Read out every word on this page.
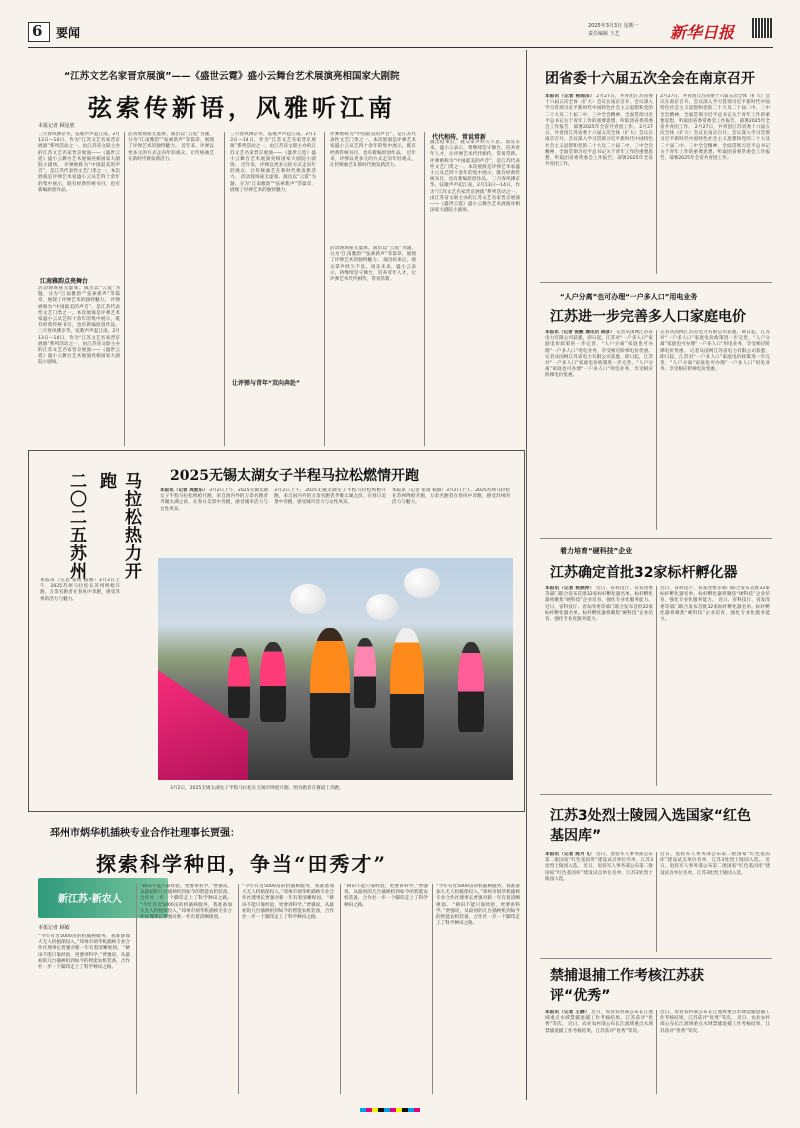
6 要闻	2025年3月3日 星期一
责任编辑 王艺	新华日报
“江苏文艺名家晋京展演”——《盛世云霓》盛小云舞台艺术展演亮相国家大剧院
弦索传新语，风雅听江南
本报记者 顾星欣
三月春风拂京华，弦歌声声起江南。2月13日—14日，作为“江苏文艺名家晋京展演”系列活动之一，由江苏省文联主办的江苏文艺名家晋京展演——《盛世云霓》盛小云舞台艺术展演亮相国家大剧院小剧场。 评弹被称为“中国最美的声音”，是江苏代表性文艺门类之一。本次展演是评弹艺术家盛小云从艺四十余年的集中展示，既有经典传统书目，也有新编原创作品。
江南雅韵点亮舞台
活动现场座无虚席。演出以“云霓”为题，分为“江南雅韵”“弦索新声”等篇章，展现了评弹艺术的独特魅力。 评弹被称为“中国最美的声音”，是江苏代表性文艺门类之一。本次展演是评弹艺术家盛小云从艺四十余年的集中展示，既有经典传统书目，也有新编原创作品。 三月春风拂京华，弦歌声声起江南。2月13日—14日，作为“江苏文艺名家晋京展演”系列活动之一，由江苏省文联主办的江苏文艺名家晋京展演——《盛世云霓》盛小云舞台艺术展演亮相国家大剧院小剧场。
活动现场座无虚席。演出以“云霓”为题，分为“江南雅韵”“弦索新声”等篇章，展现了评弹艺术的独特魅力。 近年来，评弹以更多元的方式走向年轻观众，让传统曲艺在新时代焕发新活力。
三月春风拂京华，弦歌声声起江南。2月13日—14日，作为“江苏文艺名家晋京展演”系列活动之一，由江苏省文联主办的江苏文艺名家晋京展演——《盛世云霓》盛小云舞台艺术展演亮相国家大剧院小剧场。 近年来，评弹以更多元的方式走向年轻观众，让传统曲艺在新时代焕发新活力。 活动现场座无虚席。演出以“云霓”为题，分为“江南雅韵”“弦索新声”等篇章，展现了评弹艺术的独特魅力。
让评弹与青年“双向奔赴”
评弹被称为“中国最美的声音”，是江苏代表性文艺门类之一。本次展演是评弹艺术家盛小云从艺四十余年的集中展示，既有经典传统书目，也有新编原创作品。 近年来，评弹以更多元的方式走向年轻观众，让传统曲艺在新时代焕发新活力。
活动现场座无虚席。演出以“云霓”为题，分为“江南雅韵”“弦索新声”等篇章，展现了评弹艺术的独特魅力。 演出结束后，观众掌声经久不息。谈及未来，盛小云表示，将继续坚守舞台，培养青年人才，让评弹艺术代代相传、常说常新。
代代相传，常说常新
演出结束后，观众掌声经久不息。谈及未来，盛小云表示，将继续坚守舞台，培养青年人才，让评弹艺术代代相传、常说常新。 评弹被称为“中国最美的声音”，是江苏代表性文艺门类之一。本次展演是评弹艺术家盛小云从艺四十余年的集中展示，既有经典传统书目，也有新编原创作品。 三月春风拂京华，弦歌声声起江南。2月13日—14日，作为“江苏文艺名家晋京展演”系列活动之一，由江苏省文联主办的江苏文艺名家晋京展演——《盛世云霓》盛小云舞台艺术展演亮相国家大剧院小剧场。
马拉松热力开跑
二〇二五苏州
本报讯（记者 张琦 嵇薇）3月2日上午，2025苏州马拉松在苏州鸣枪开跑，万余名跑者在春风中奔跑，感受苏州的活力与魅力。
2025无锡太湖女子半程马拉松燃情开跑
本报讯（记者 周爱东） 3月2日上午，2025无锡太湖女子半程马拉松鸣枪开跑，来自国内外的万余名跑者齐聚太湖之滨，在春日美景中奔跑，感受城市活力与女性风采。
3月2日上午，2025无锡太湖女子半程马拉松鸣枪开跑，来自国内外的万余名跑者齐聚太湖之滨，在春日美景中奔跑，感受城市活力与女性风采。
本报讯（记者 张琦 嵇薇）3月2日上午，2025苏州马拉松在苏州鸣枪开跑，万余名跑者在春风中奔跑，感受苏州的活力与魅力。
3月2日，2025无锡太湖女子半程马拉松在无锡市鸣枪开跑。图为跑者在赛道上奔跑。
邳州市炳华机插秧专业合作社理事长贾强：
探索科学种田，争当“田秀才”
新江苏·新农人
本报记者 顾敏
“今年有近5000亩的机插秧服务，我准备加大无人机植保投入。”邳州市炳华机插秧专业合作社理事长贾强对新一年有着清晰规划。 “耕田不能只靠经验，更要讲科学。”贾强说，从最初的几台插秧机到如今的智能农机装备，合作社一步一个脚印走上了科学种田之路。
“耕田不能只靠经验，更要讲科学。”贾强说，从最初的几台插秧机到如今的智能农机装备，合作社一步一个脚印走上了科学种田之路。 “今年有近5000亩的机插秧服务，我准备加大无人机植保投入。”邳州市炳华机插秧专业合作社理事长贾强对新一年有着清晰规划。
“今年有近5000亩的机插秧服务，我准备加大无人机植保投入。”邳州市炳华机插秧专业合作社理事长贾强对新一年有着清晰规划。 “耕田不能只靠经验，更要讲科学。”贾强说，从最初的几台插秧机到如今的智能农机装备，合作社一步一个脚印走上了科学种田之路。
“耕田不能只靠经验，更要讲科学。”贾强说，从最初的几台插秧机到如今的智能农机装备，合作社一步一个脚印走上了科学种田之路。
“今年有近5000亩的机插秧服务，我准备加大无人机植保投入。”邳州市炳华机插秧专业合作社理事长贾强对新一年有着清晰规划。 “耕田不能只靠经验，更要讲科学。”贾强说，从最初的几台插秧机到如今的智能农机装备，合作社一步一个脚印走上了科学种田之路。
团省委十六届五次全会在南京召开
本报讯（记者 杨雨田） 2月27日，共青团江苏省委十六届五次全体（扩大）会议在南京召开。会议深入学习贯彻习近平新时代中国特色社会主义思想和党的二十大及二十届二中、三中全会精神，全面贯彻习近平总书记关于青年工作的重要思想，听取团省委常委会工作报告，部署2025年全省共青团工作。 2月27日，共青团江苏省委十六届五次全体（扩大）会议在南京召开。会议深入学习贯彻习近平新时代中国特色社会主义思想和党的二十大及二十届二中、三中全会精神，全面贯彻习近平总书记关于青年工作的重要思想，听取团省委常委会工作报告，部署2025年全省共青团工作。
2月27日，共青团江苏省委十六届五次全体（扩大）会议在南京召开。会议深入学习贯彻习近平新时代中国特色社会主义思想和党的二十大及二十届二中、三中全会精神，全面贯彻习近平总书记关于青年工作的重要思想，听取团省委常委会工作报告，部署2025年全省共青团工作。 2月27日，共青团江苏省委十六届五次全体（扩大）会议在南京召开。会议深入学习贯彻习近平新时代中国特色社会主义思想和党的二十大及二十届二中、三中全会精神，全面贯彻习近平总书记关于青年工作的重要思想，听取团省委常委会工作报告，部署2025年全省共青团工作。
“人户分离”也可办理“一户多人口”用电业务
江苏进一步完善多人口家庭电价
本报讯（记者 倪敏 通讯员 胡彦） 记者从国网江苏省电力有限公司获悉，即日起，江苏对“一户多人口”家庭电价政策进一步完善，“人户分离”家庭也可办理“一户多人口”用电业务，享受相应阶梯电价优惠。 记者从国网江苏省电力有限公司获悉，即日起，江苏对“一户多人口”家庭电价政策进一步完善，“人户分离”家庭也可办理“一户多人口”用电业务，享受相应阶梯电价优惠。
记者从国网江苏省电力有限公司获悉，即日起，江苏对“一户多人口”家庭电价政策进一步完善，“人户分离”家庭也可办理“一户多人口”用电业务，享受相应阶梯电价优惠。 记者从国网江苏省电力有限公司获悉，即日起，江苏对“一户多人口”家庭电价政策进一步完善，“人户分离”家庭也可办理“一户多人口”用电业务，享受相应阶梯电价优惠。
着力培育“硬科技”企业
江苏确定首批32家标杆孵化器
本报讯（记者 杨频萍） 近日，省科技厅、省发改委等部门联合发布首批32家标杆孵化器名单。标杆孵化器将聚焦“硬科技”企业培育，强化专业化服务能力。 近日，省科技厅、省发改委等部门联合发布首批32家标杆孵化器名单。标杆孵化器将聚焦“硬科技”企业培育，强化专业化服务能力。
近日，省科技厅、省发改委等部门联合发布首批32家标杆孵化器名单。标杆孵化器将聚焦“硬科技”企业培育，强化专业化服务能力。 近日，省科技厅、省发改委等部门联合发布首批32家标杆孵化器名单。标杆孵化器将聚焦“硬科技”企业培育，强化专业化服务能力。
江苏3处烈士陵园入选国家“红色基因库”
本报讯（记者 陈月飞） 近日，退役军人事务部公布第二批国家“红色基因库”建设试点单位名单，江苏3处烈士陵园入选。 近日，退役军人事务部公布第二批国家“红色基因库”建设试点单位名单，江苏3处烈士陵园入选。
近日，退役军人事务部公布第二批国家“红色基因库”建设试点单位名单，江苏3处烈士陵园入选。 近日，退役军人事务部公布第二批国家“红色基因库”建设试点单位名单，江苏3处烈士陵园入选。
禁捕退捕工作考核江苏获评“优秀”
本报讯（记者 王静） 近日，农业农村部公布长江流域重点水域禁捕退捕工作考核结果，江苏获评“优秀”等次。 近日，农业农村部公布长江流域重点水域禁捕退捕工作考核结果，江苏获评“优秀”等次。
近日，农业农村部公布长江流域重点水域禁捕退捕工作考核结果，江苏获评“优秀”等次。 近日，农业农村部公布长江流域重点水域禁捕退捕工作考核结果，江苏获评“优秀”等次。
